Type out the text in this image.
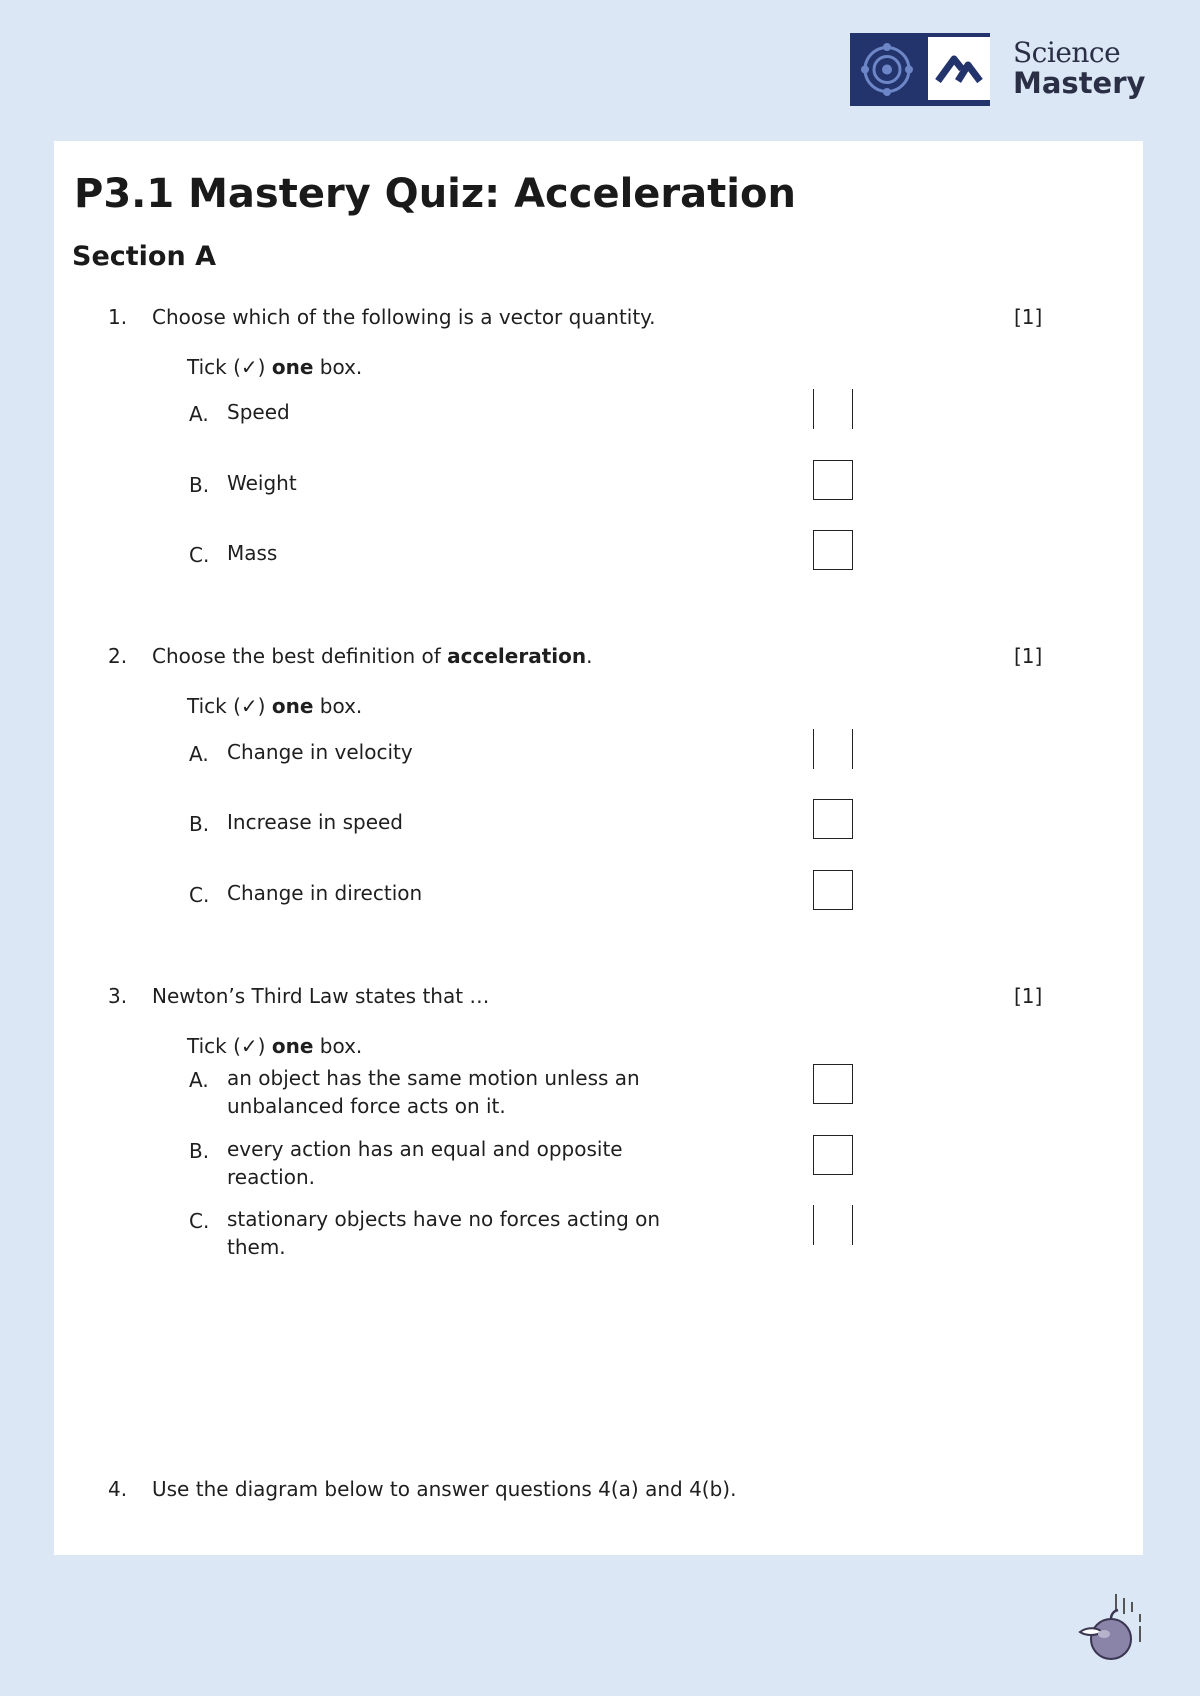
Science
Mastery
P3.1 Mastery Quiz: Acceleration
Section A
1. Choose which of the following is a vector quantity.	[1]
Tick (✓) one box.
A. Speed
B. Weight
C. Mass
2. Choose the best definition of acceleration.	[1]
Tick (✓) one box.
A. Change in velocity
B. Increase in speed
C. Change in direction
3. Newton’s Third Law states that …	[1]
Tick (✓) one box.
A. an object has the same motion unless an unbalanced force acts on it.
B. every action has an equal and opposite reaction.
C. stationary objects have no forces acting on them.
4. Use the diagram below to answer questions 4(a) and 4(b).
